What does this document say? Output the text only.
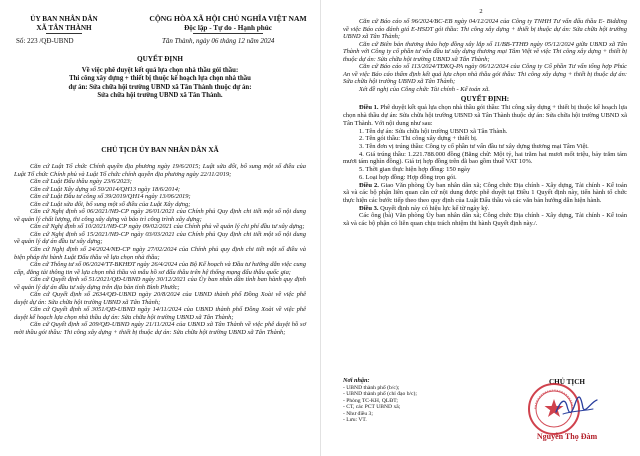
ỦY BAN NHÂN DÂN
XÃ TÂN THÀNH
CỘNG HÒA XÃ HỘI CHỦ NGHĨA VIỆT NAM
Độc lập - Tự do - Hạnh phúc
Số: 223 /QĐ-UBND	Tân Thành, ngày 06 tháng 12 năm 2024
QUYẾT ĐỊNH
Về việc phê duyệt kết quả lựa chọn nhà thầu gói thầu:
Thi công xây dựng + thiết bị thuộc kế hoạch lựa chọn nhà thầu
dự án: Sửa chữa hội trường UBND xã Tân Thành thuộc dự án:
Sửa chữa hội trường UBND xã Tân Thành.
CHỦ TỊCH ỦY BAN NHÂN DÂN XÃ

Căn cứ Luật Tổ chức Chính quyền địa phương ngày 19/6/2015; Luật sửa đổi, bổ sung một số điều của Luật Tổ chức Chính phủ và Luật Tổ chức chính quyền địa phương ngày 22/11/2019;

Căn cứ Luật Đấu thầu ngày 23/6/2023;

Căn cứ Luật Xây dựng số 50/2014/QH13 ngày 18/6/2014;

Căn cứ Luật Đầu tư công số 39/2019/QH14 ngày 13/06/2019;

Căn cứ Luật sửa đổi, bổ sung một số điều của Luật Xây dựng;

Căn cứ Nghị định số 06/2021/NĐ-CP ngày 26/01/2021 của Chính phủ Quy định chi tiết một số nội dung về quản lý chất lượng, thi công xây dựng và bảo trì công trình xây dựng;

Căn cứ Nghị định số 10/2021/NĐ-CP ngày 09/02/2021 của Chính phủ về quản lý chi phí đầu tư xây dựng;

Căn cứ Nghị định số 15/2021/NĐ-CP ngày 03/03/2021 của Chính phủ Quy định chi tiết một số nội dung về quản lý dự án đầu tư xây dựng;

Căn cứ Nghị định số 24/2024/NĐ-CP ngày 27/02/2024 của Chính phủ quy định chi tiết một số điều và biện pháp thi hành Luật Đấu thầu về lựa chọn nhà thầu;

Căn cứ Thông tư số 06/2024/TT-BKHĐT ngày 26/4/2024 của Bộ Kế hoạch và Đầu tư hướng dẫn việc cung cấp, đăng tải thông tin về lựa chọn nhà thầu và mẫu hồ sơ đấu thầu trên hệ thống mạng đấu thầu quốc gia;

Căn cứ Quyết định số 51/2021/QĐ-UBND ngày 30/12/2021 của Ủy ban nhân dân tỉnh ban hành quy định về quản lý dự án đầu tư xây dựng trên địa bàn tỉnh Bình Phước;

Căn cứ Quyết định số 2634/QĐ-UBND ngày 20/8/2024 của UBND thành phố Đồng Xoài về việc phê duyệt dự án: Sửa chữa hội trường UBND xã Tân Thành;

Căn cứ Quyết định số 3051/QĐ-UBND ngày 14/11/2024 của UBND thành phố Đồng Xoài về việc phê duyệt kế hoạch lựa chọn nhà thầu dự án: Sửa chữa hội trường UBND xã Tân Thành;

Căn cứ Quyết định số 209/QĐ-UBND ngày 21/11/2024 của UBND xã Tân Thành về việc phê duyệt hồ sơ mời thầu gói thầu: Thi công xây dựng + thiết bị thuộc dự án: Sửa chữa hội trường UBND xã Tân Thành;

2

Căn cứ Báo cáo số 96/2024/BC-EB ngày 04/12/2024 của Công ty TNHH Tư vấn đấu thầu E- Bidding về việc Báo cáo đánh giá E-HSDT gói thầu: Thi công xây dựng + thiết bị thuộc dự án: Sửa chữa hội trường UBND xã Tân Thành;

Căn cứ Biên bản thương thảo hợp đồng xây lắp số 11/BB-TTHĐ ngày 05/12/2024 giữa UBND xã Tân Thành với Công ty cổ phần tư vấn đầu tư xây dựng thương mại Tâm Việt về việc Thi công xây dựng + thiết bị thuộc dự án: Sửa chữa hội trường UBND xã Tân Thành;

Căn cứ Báo cáo số 113/2024/TĐKQ-PA ngày 06/12/2024 của Công ty Cổ phần Tư vấn tổng hợp Phúc An về việc Báo cáo thẩm định kết quả lựa chọn nhà thầu gói thầu: Thi công xây dựng + thiết bị thuộc dự án: Sửa chữa hội trường UBND xã Tân Thành;

Xét đề nghị của Công chức Tài chính - Kế toán xã.

QUYẾT ĐỊNH:

Điều 1. Phê duyệt kết quả lựa chọn nhà thầu gói thầu: Thi công xây dựng + thiết bị thuộc kế hoạch lựa chọn nhà thầu dự án: Sửa chữa hội trường UBND xã Tân Thành thuộc dự án: Sửa chữa hội trường UBND xã Tân Thành. Với nội dung như sau:

1. Tên dự án: Sửa chữa hội trường UBND xã Tân Thành.

2. Tên gói thầu: Thi công xây dựng + thiết bị.

3. Tên đơn vị trúng thầu: Công ty cổ phần tư vấn đầu tư xây dựng thương mại Tâm Việt.

4. Giá trúng thầu: 1.221.788.000 đồng (Bằng chữ: Một tỷ, hai trăm hai mươi mốt triệu, bảy trăm tám mươi tám nghìn đồng). Giá trị hợp đồng trên đã bao gồm thuế VAT 10%.

5. Thời gian thực hiện hợp đồng: 150 ngày

6. Loại hợp đồng: Hợp đồng trọn gói.

Điều 2. Giao Văn phòng Ủy ban nhân dân xã; Công chức Địa chính - Xây dựng, Tài chính - Kế toán xã và các bộ phận liên quan căn cứ nội dung được phê duyệt tại Điều 1 Quyết định này, tiến hành tổ chức thực hiện các bước tiếp theo theo quy định của Luật Đấu thầu và các văn bản hướng dẫn hiện hành.

Điều 3. Quyết định này có hiệu lực kể từ ngày ký.

Các ông (bà) Văn phòng Ủy ban nhân dân xã; Công chức Địa chính - Xây dựng, Tài chính - Kế toán xã và các bộ phận có liên quan chịu trách nhiệm thi hành Quyết định này./.

Nơi nhận:
- UBND thành phố (b/c);
- UBND thành phố (chỉ đạo b/c);
- Phòng TC-KH, QLĐT;
- CT, các PCT UBND xã;
- Như điều 3;
- Lưu: VT.
CHỦ TỊCH
Nguyễn Thọ Đàm
